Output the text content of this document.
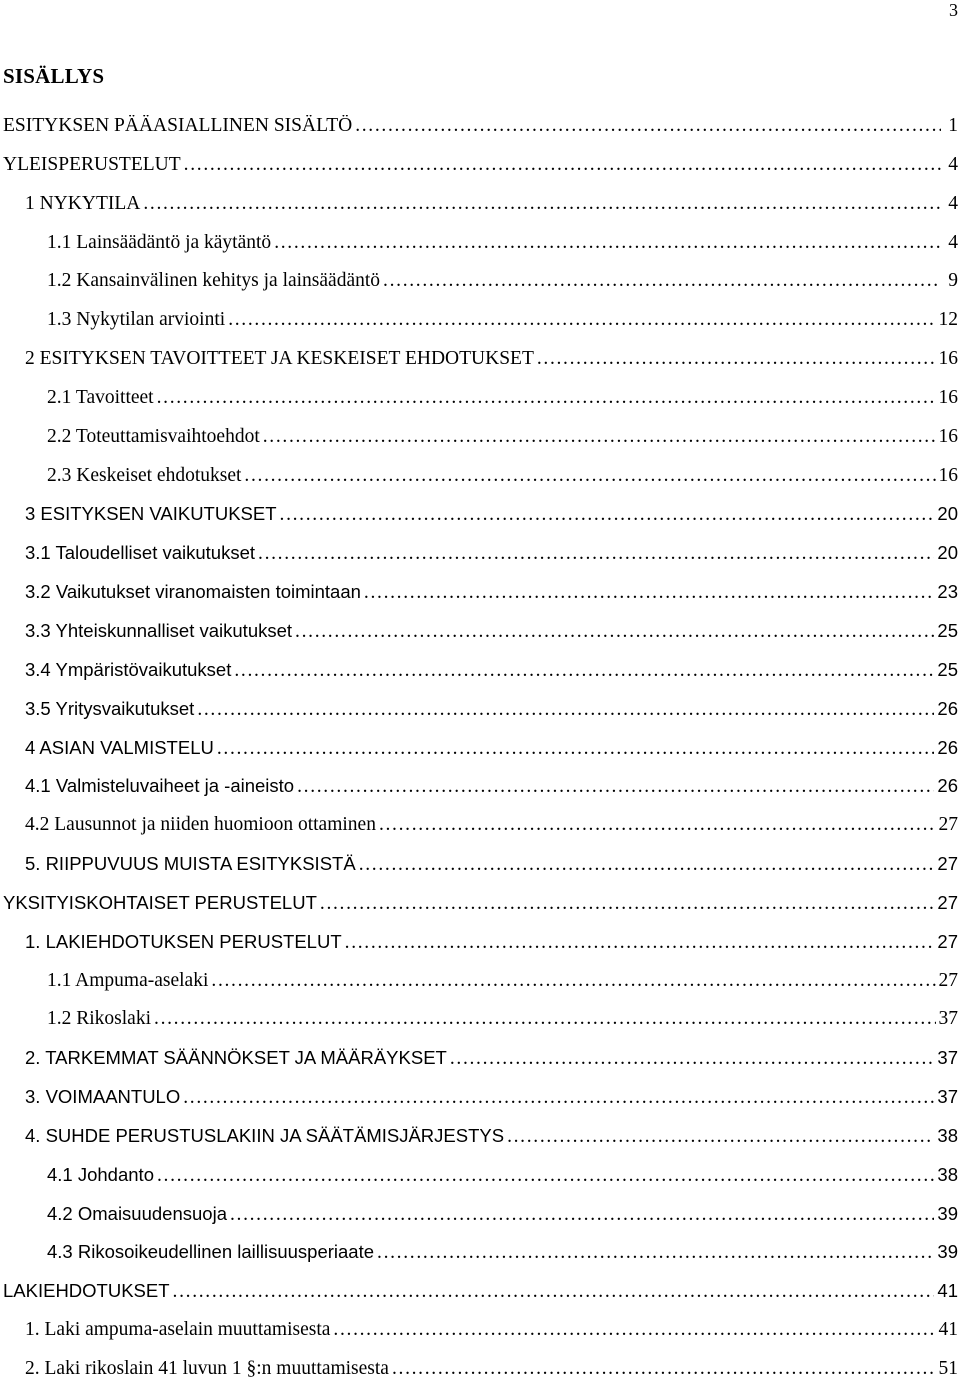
3
SISÄLLYS
ESITYKSEN PÄÄASIALLINEN SISÄLTÖ . . .	1
YLEISPERUSTELUT . . .	4
1 NYKYTILA . . .	4
1.1 Lainsäädäntö ja käytäntö . . .	4
1.2 Kansainvälinen kehitys ja lainsäädäntö . . .	9
1.3 Nykytilan arviointi . . .	12
2 ESITYKSEN TAVOITTEET JA KESKEISET EHDOTUKSET . . .	16
2.1 Tavoitteet . . .	16
2.2 Toteuttamisvaihtoehdot . . .	16
2.3 Keskeiset ehdotukset . . .	16
3 ESITYKSEN VAIKUTUKSET . . .	20
3.1 Taloudelliset vaikutukset . . .	20
3.2 Vaikutukset viranomaisten toimintaan . . .	23
3.3 Yhteiskunnalliset vaikutukset . . .	25
3.4 Ympäristövaikutukset . . .	25
3.5 Yritysvaikutukset . . .	26
4 ASIAN VALMISTELU . . .	26
4.1 Valmisteluvaiheet ja -aineisto . . .	26
4.2 Lausunnot ja niiden huomioon ottaminen . . .	27
5. RIIPPUVUUS MUISTA ESITYKSISTÄ . . .	27
YKSITYISKOHTAISET PERUSTELUT . . .	27
1. LAKIEHDOTUKSEN PERUSTELUT . . .	27
1.1 Ampuma-aselaki . . .	27
1.2 Rikoslaki . . .	37
2. TARKEMMAT SÄÄNNÖKSET JA MÄÄRÄYKSET . . .	37
3. VOIMAANTULO . . .	37
4. SUHDE PERUSTUSLAKIIN JA SÄÄTÄMISJÄRJESTYS . . .	38
4.1 Johdanto . . .	38
4.2 Omaisuudensuoja . . .	39
4.3 Rikosoikeudellinen laillisuusperiaate . . .	39
LAKIEHDOTUKSET . . .	41
1. Laki ampuma-aselain muuttamisesta . . .	41
2. Laki rikoslain 41 luvun 1 §:n muuttamisesta . . .	51
